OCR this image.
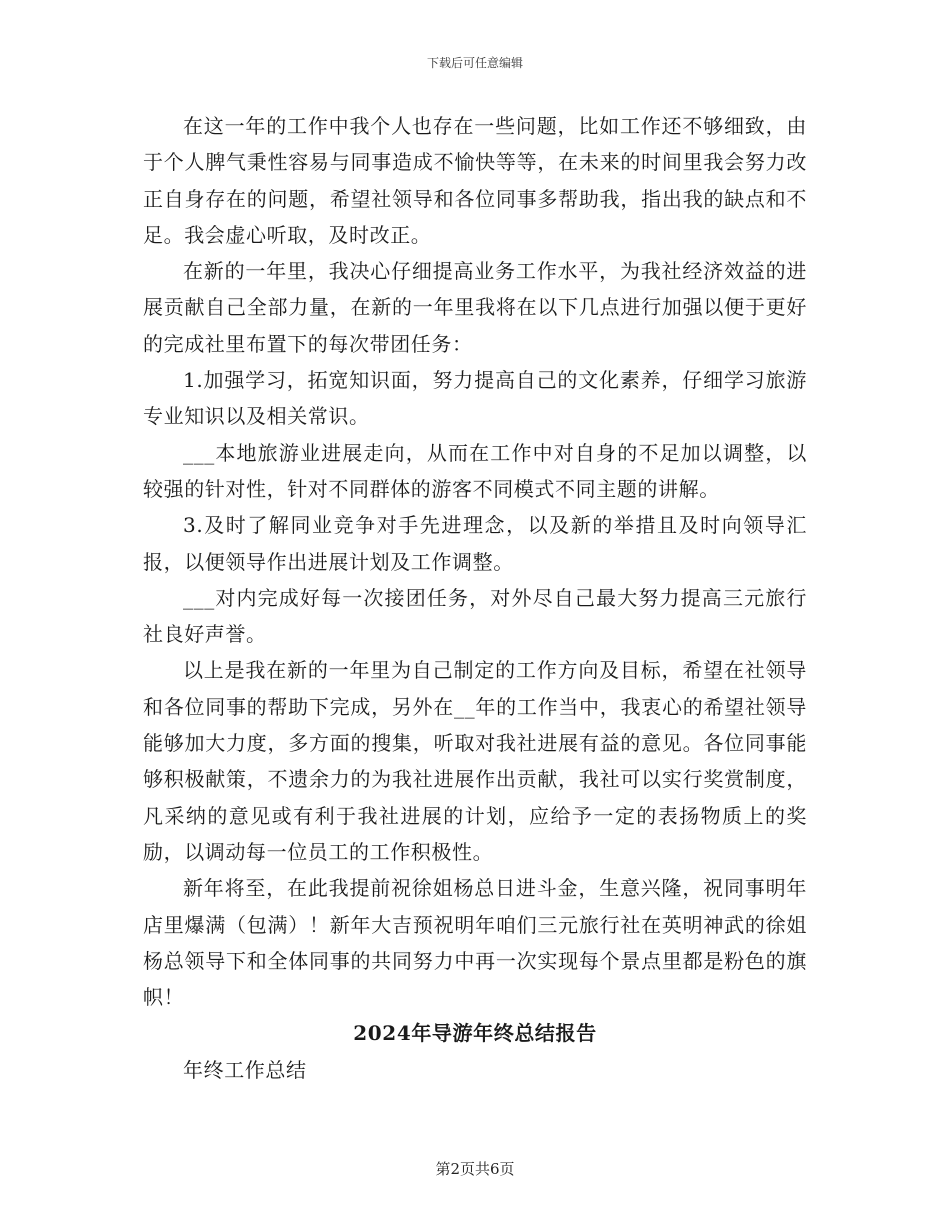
下载后可任意编辑

在这一年的工作中我个人也存在一些问题，比如工作还不够细致，由于个人脾气秉性容易与同事造成不愉快等等，在未来的时间里我会努力改正自身存在的问题，希望社领导和各位同事多帮助我，指出我的缺点和不足。我会虚心听取，及时改正。

在新的一年里，我决心仔细提高业务工作水平，为我社经济效益的进展贡献自己全部力量，在新的一年里我将在以下几点进行加强以便于更好的完成社里布置下的每次带团任务：

1.加强学习，拓宽知识面，努力提高自己的文化素养，仔细学习旅游专业知识以及相关常识。

___本地旅游业进展走向，从而在工作中对自身的不足加以调整，以较强的针对性，针对不同群体的游客不同模式不同主题的讲解。

3.及时了解同业竞争对手先进理念，以及新的举措且及时向领导汇报，以便领导作出进展计划及工作调整。

___对内完成好每一次接团任务，对外尽自己最大努力提高三元旅行社良好声誉。

以上是我在新的一年里为自己制定的工作方向及目标，希望在社领导和各位同事的帮助下完成，另外在__年的工作当中，我衷心的希望社领导能够加大力度，多方面的搜集，听取对我社进展有益的意见。各位同事能够积极献策，不遗余力的为我社进展作出贡献，我社可以实行奖赏制度，凡采纳的意见或有利于我社进展的计划，应给予一定的表扬物质上的奖励，以调动每一位员工的工作积极性。

新年将至，在此我提前祝徐姐杨总日进斗金，生意兴隆，祝同事明年店里爆满（包满）！新年大吉预祝明年咱们三元旅行社在英明神武的徐姐杨总领导下和全体同事的共同努力中再一次实现每个景点里都是粉色的旗帜！

2024年导游年终总结报告

年终工作总结

第2页共6页
